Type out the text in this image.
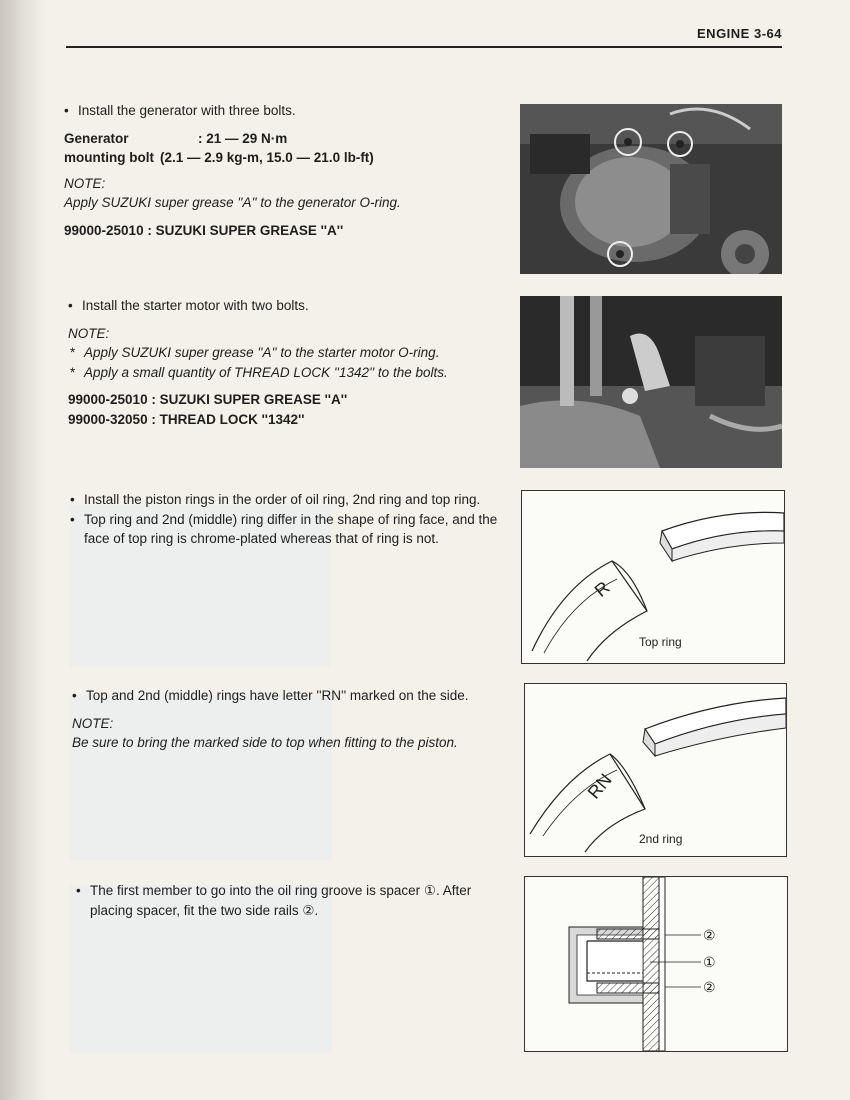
ENGINE 3-64
• Install the generator with three bolts.
Generator	: 21 — 29 N·m
mounting bolt	(2.1 — 2.9 kg-m, 15.0 — 21.0 lb-ft)
NOTE:
Apply SUZUKI super grease ''A'' to the generator O-ring.
99000-25010 : SUZUKI SUPER GREASE ''A''
• Install the starter motor with two bolts.
NOTE:
* Apply SUZUKI super grease ''A'' to the starter motor O-ring.
* Apply a small quantity of THREAD LOCK ''1342'' to the bolts.
99000-25010 : SUZUKI SUPER GREASE ''A''
99000-32050 : THREAD LOCK ''1342''
• Install the piston rings in the order of oil ring, 2nd ring and top ring.
• Top ring and 2nd (middle) ring differ in the shape of ring face, and the face of top ring is chrome-plated whereas that of ring is not.
R
Top ring
• Top and 2nd (middle) rings have letter ''RN'' marked on the side.
NOTE:
Be sure to bring the marked side to top when fitting to the piston.
RN
2nd ring
• The first member to go into the oil ring groove is spacer ①. After placing spacer, fit the two side rails ②.
②
①
②
